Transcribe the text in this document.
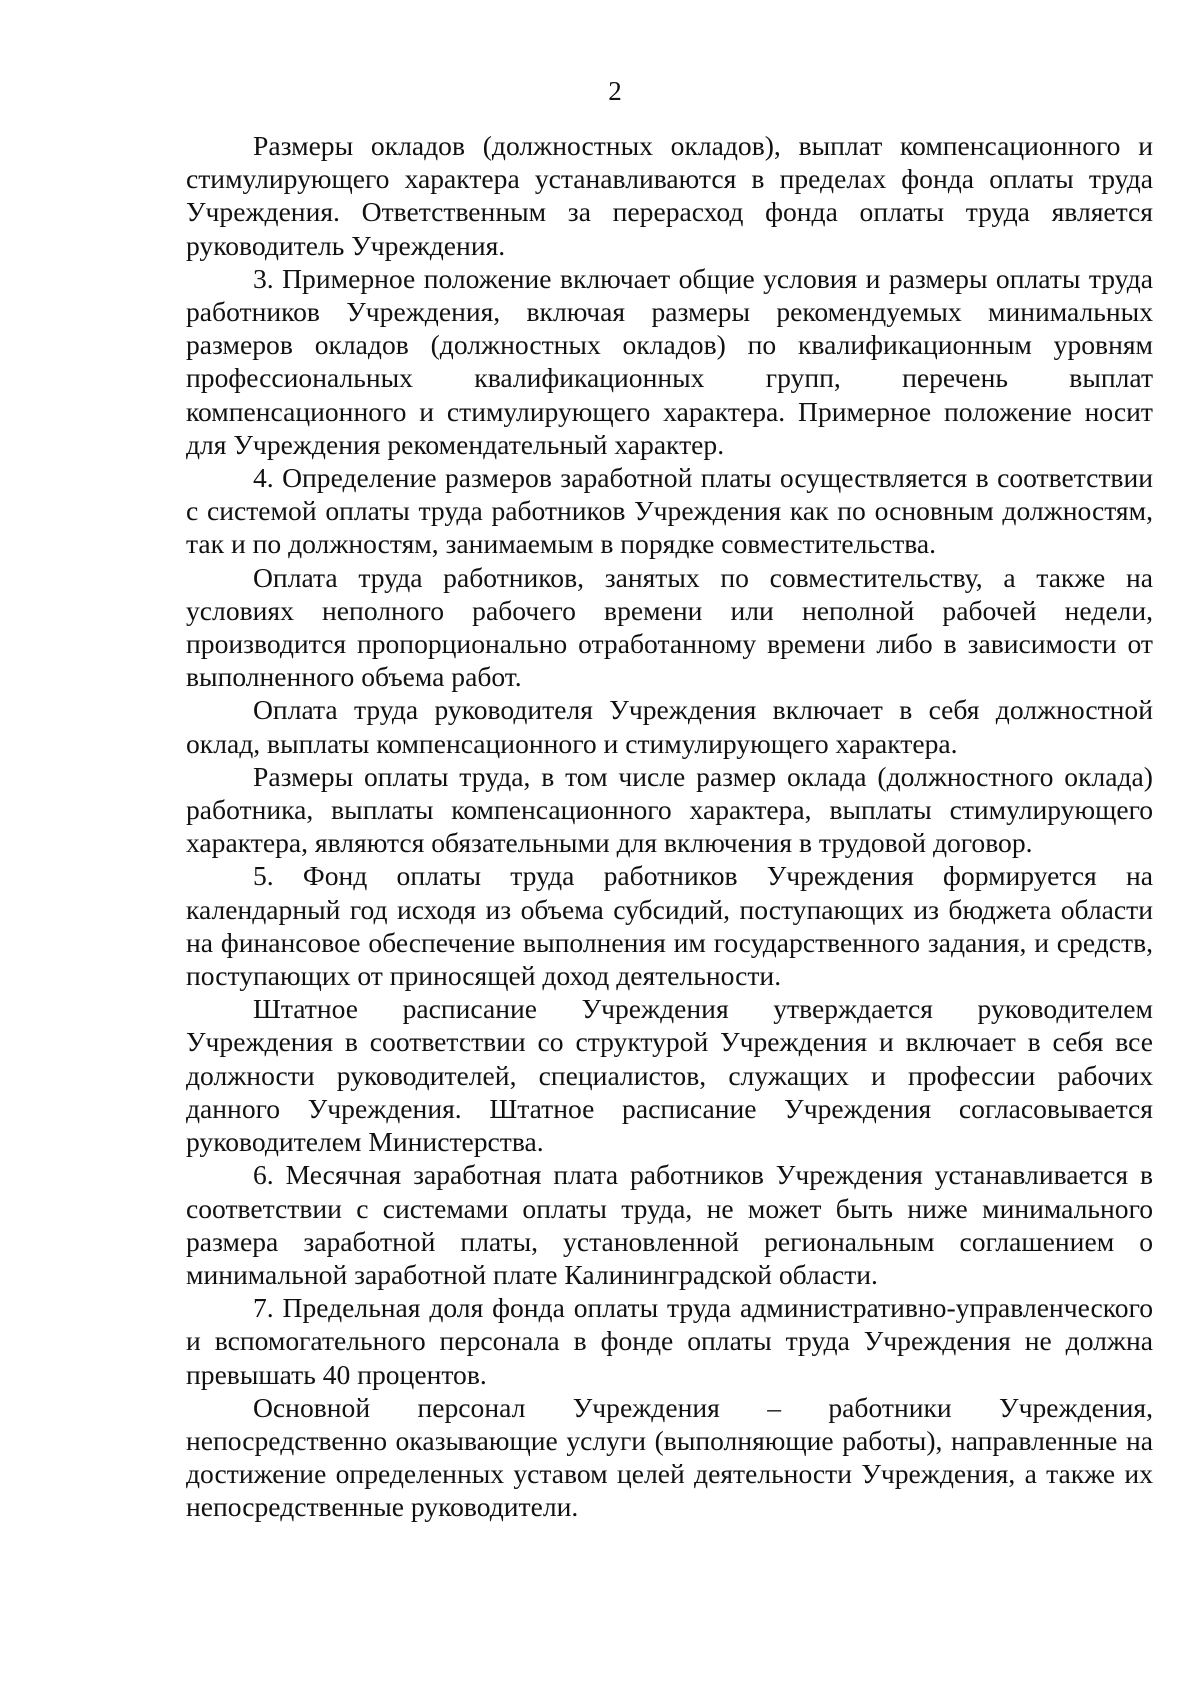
2

Размеры окладов (должностных окладов), выплат компенсационного и стимулирующего характера устанавливаются в пределах фонда оплаты труда Учреждения. Ответственным за перерасход фонда оплаты труда является руководитель Учреждения.

3. Примерное положение включает общие условия и размеры оплаты труда работников Учреждения, включая размеры рекомендуемых минимальных размеров окладов (должностных окладов) по квалификационным уровням профессиональных квалификационных групп, перечень выплат компенсационного и стимулирующего характера. Примерное положение носит для Учреждения рекомендательный характер.

4. Определение размеров заработной платы осуществляется в соответствии с системой оплаты труда работников Учреждения как по основным должностям, так и по должностям, занимаемым в порядке совместительства.

Оплата труда работников, занятых по совместительству, а также на условиях неполного рабочего времени или неполной рабочей недели, производится пропорционально отработанному времени либо в зависимости от выполненного объема работ.

Оплата труда руководителя Учреждения включает в себя должностной оклад, выплаты компенсационного и стимулирующего характера.

Размеры оплаты труда, в том числе размер оклада (должностного оклада) работника, выплаты компенсационного характера, выплаты стимулирующего характера, являются обязательными для включения в трудовой договор.

5. Фонд оплаты труда работников Учреждения формируется на календарный год исходя из объема субсидий, поступающих из бюджета области на финансовое обеспечение выполнения им государственного задания, и средств, поступающих от приносящей доход деятельности.

Штатное расписание Учреждения утверждается руководителем Учреждения в соответствии со структурой Учреждения и включает в себя все должности руководителей, специалистов, служащих и профессии рабочих данного Учреждения. Штатное расписание Учреждения согласовывается руководителем Министерства.

6. Месячная заработная плата работников Учреждения устанавливается в соответствии с системами оплаты труда, не может быть ниже минимального размера заработной платы, установленной региональным соглашением о минимальной заработной плате Калининградской области.

7. Предельная доля фонда оплаты труда административно-управленческого и вспомогательного персонала в фонде оплаты труда Учреждения не должна превышать 40 процентов.

Основной персонал Учреждения – работники Учреждения, непосредственно оказывающие услуги (выполняющие работы), направленные на достижение определенных уставом целей деятельности Учреждения, а также их непосредственные руководители.
